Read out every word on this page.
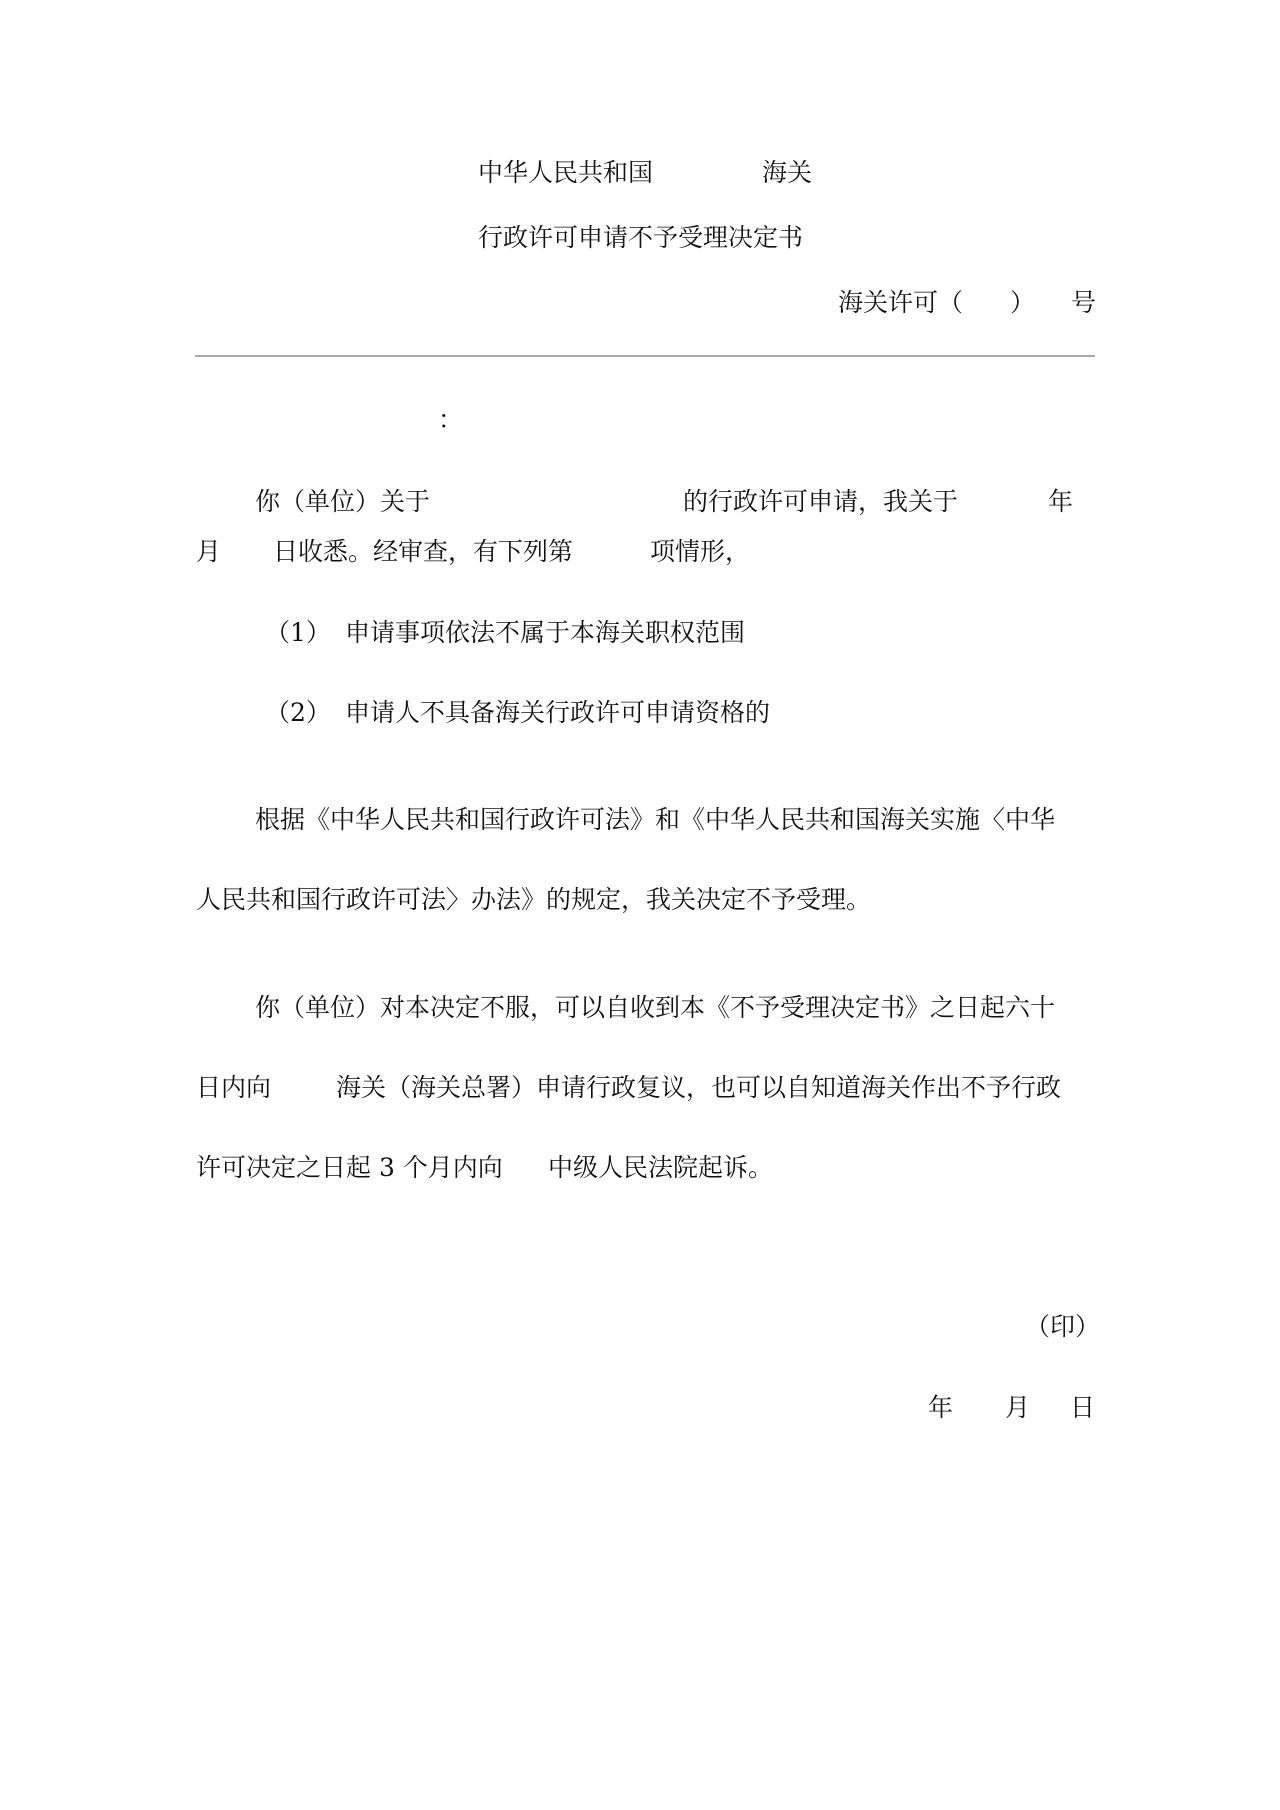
中华人民共和国	海关

行政许可申请不予受理决定书

海关许可（ ） 号

：

你（单位）关于	的行政许可申请，我关于	年

月 日收悉。经审查，有下列第	项情形，

（1） 申请事项依法不属于本海关职权范围

（2） 申请人不具备海关行政许可申请资格的

根据《中华人民共和国行政许可法》和《中华人民共和国海关实施〈中华

人民共和国行政许可法〉办法》的规定，我关决定不予受理。

你（单位）对本决定不服，可以自收到本《不予受理决定书》之日起六十

日内向	海关（海关总署）申请行政复议，也可以自知道海关作出不予行政

许可决定之日起 3 个月内向 中级人民法院起诉。

（印）

年 月 日
